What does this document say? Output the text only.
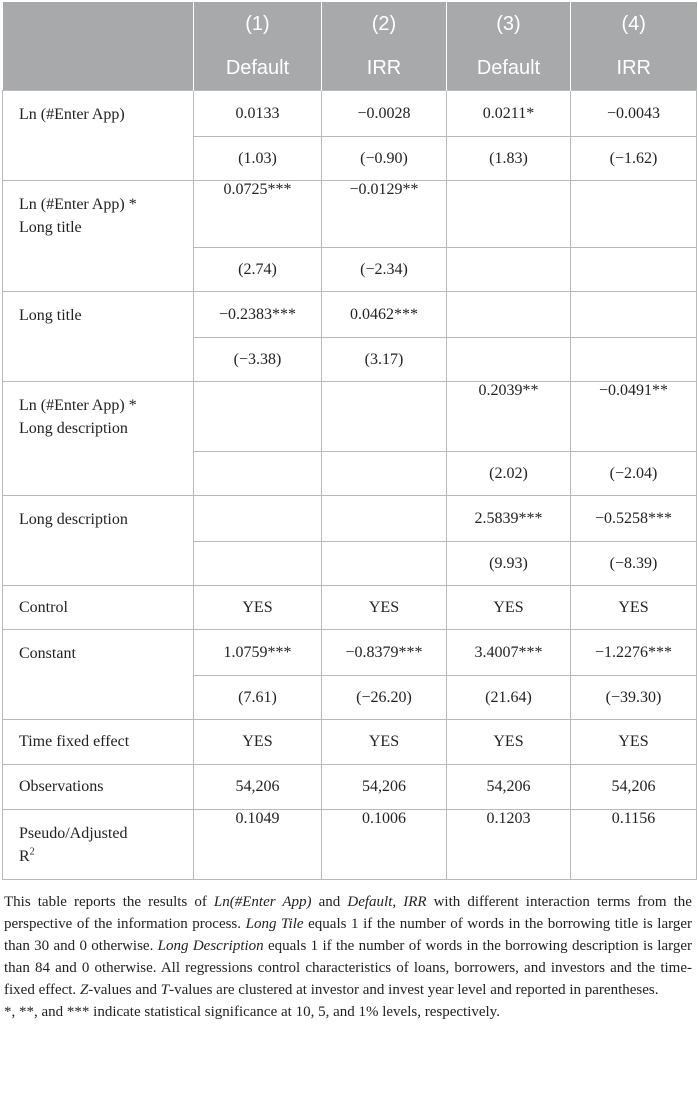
	(1)	(2)	(3)	(4)
	Default	IRR	Default	IRR
Ln (#Enter App)	0.0133	−0.0028	0.0211*	−0.0043
	(1.03)	(−0.90)	(1.83)	(−1.62)
Ln (#Enter App) *
Long title	0.0725***	−0.0129**		
	(2.74)	(−2.34)		
Long title	−0.2383***	0.0462***		
	(−3.38)	(3.17)		
Ln (#Enter App) *
Long description			0.2039**	−0.0491**
			(2.02)	(−2.04)
Long description			2.5839***	−0.5258***
			(9.93)	(−8.39)
Control	YES	YES	YES	YES
Constant	1.0759***	−0.8379***	3.4007***	−1.2276***
	(7.61)	(−26.20)	(21.64)	(−39.30)
Time fixed effect	YES	YES	YES	YES
Observations	54,206	54,206	54,206	54,206
Pseudo/Adjusted
$R^2$	0.1049	0.1006	0.1203	0.1156

This table reports the results of Ln(#Enter App) and Default, IRR with different interaction terms from the perspective of the information process. Long Tile equals 1 if the number of words in the borrowing title is larger than 30 and 0 otherwise. Long Description equals 1 if the number of words in the borrowing description is larger than 84 and 0 otherwise. All regressions control characteristics of loans, borrowers, and investors and the time-fixed effect. Z-values and T-values are clustered at investor and invest year level and reported in parentheses.

*, **, and *** indicate statistical significance at 10, 5, and 1% levels, respectively.
